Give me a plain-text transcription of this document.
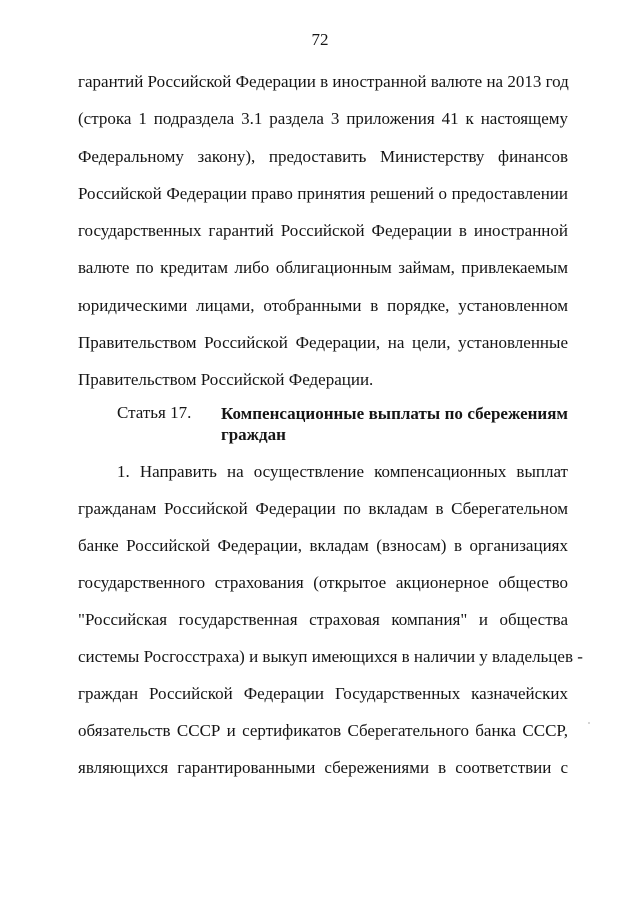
72
гарантий Российской Федерации в иностранной валюте на 2013 год
(строка 1 подраздела 3.1 раздела 3 приложения 41 к настоящему
Федеральному закону), предоставить Министерству финансов
Российской Федерации право принятия решений о предоставлении
государственных гарантий Российской Федерации в иностранной
валюте по кредитам либо облигационным займам, привлекаемым
юридическими лицами, отобранными в порядке, установленном
Правительством Российской Федерации, на цели, установленные
Правительством Российской Федерации.
Статья 17. Компенсационные выплаты по сбережениям
граждан
1. Направить на осуществление компенсационных выплат
гражданам Российской Федерации по вкладам в Сберегательном
банке Российской Федерации, вкладам (взносам) в организациях
государственного страхования (открытое акционерное общество
"Российская государственная страховая компания" и общества
системы Росгосстраха) и выкуп имеющихся в наличии у владельцев -
граждан Российской Федерации Государственных казначейских
обязательств СССР и сертификатов Сберегательного банка СССР,
являющихся гарантированными сбережениями в соответствии с
